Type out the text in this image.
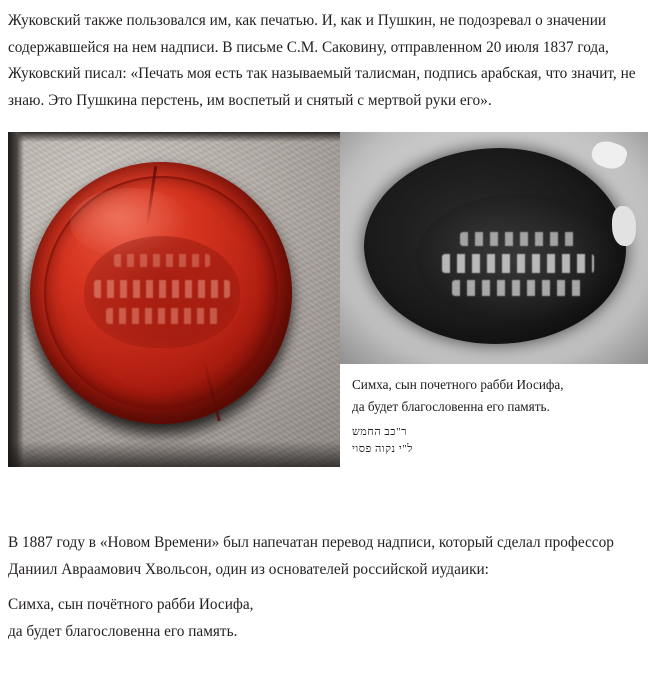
Жуковский также пользовался им, как печатью. И, как и Пушкин, не подозревал о значении содержавшейся на нем надписи. В письме С.М. Саковину, отправленном 20 июля 1837 года, Жуковский писал: «Печать моя есть так называемый талисман, подпись арабская, что значит, не знаю. Это Пушкина перстень, им воспетый и снятый с мертвой руки его».

Симха, сын почетного рабби Иосифа,
да будет благословенна его память.
ר"כב החמש
ל"י נקוה פסוי

В 1887 году в «Новом Времени» был напечатан перевод надписи, который сделал профессор Даниил Авраамович Хвольсон, один из основателей российской иудаики:

Симха, сын почётного рабби Иосифа,

да будет благословенна его память.
